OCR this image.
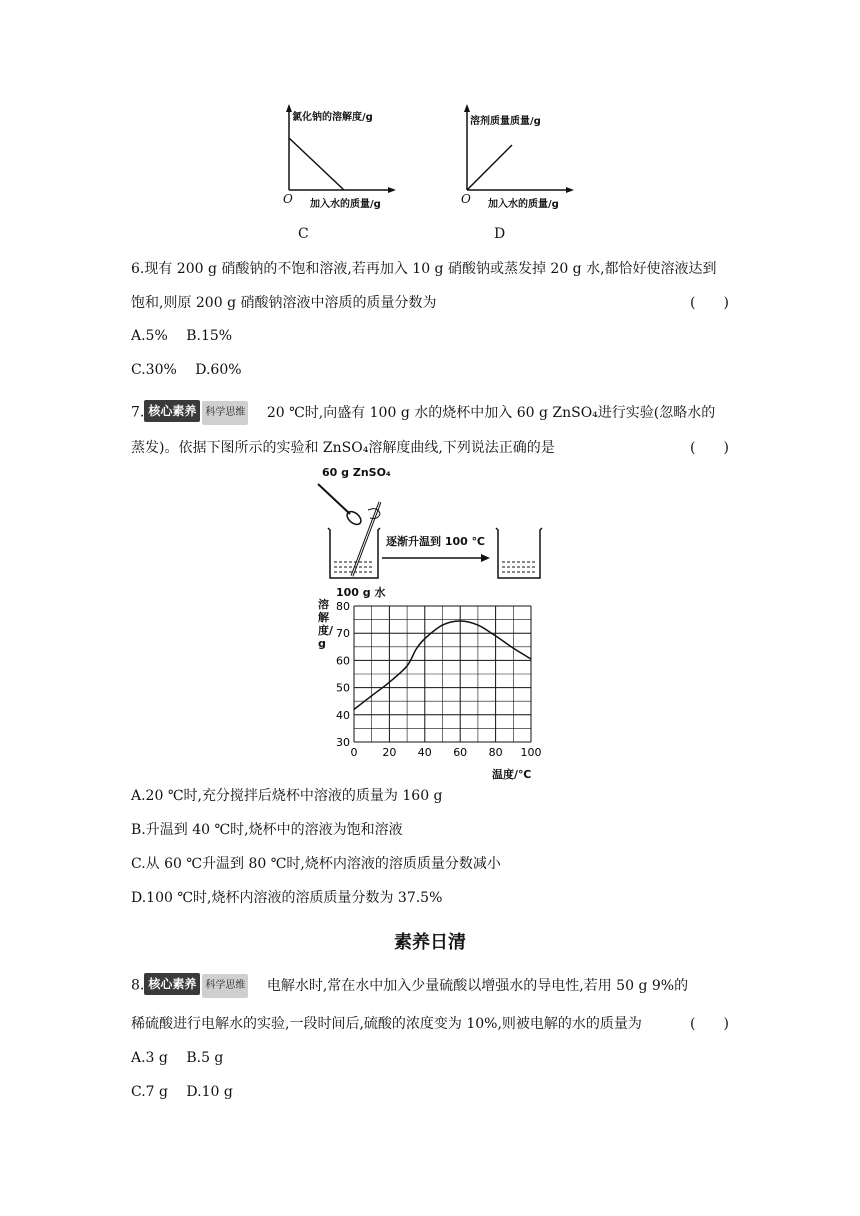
氯化钠的溶解度/g
加入水的质量/g
O
C
溶剂质量质量/g
加入水的质量/g
O
D
6.现有 200 g 硝酸钠的不饱和溶液,若再加入 10 g 硝酸钠或蒸发掉 20 g 水,都恰好使溶液达到
饱和,则原 200 g 硝酸钠溶液中溶质的质量分数为	(　　)
A.5%　 B.15%
C.30%　 D.60%
7. 核心素养 科学思维 20 ℃时,向盛有 100 g 水的烧杯中加入 60 g ZnSO₄进行实验(忽略水的
蒸发)。依据下图所示的实验和 ZnSO₄溶解度曲线,下列说法正确的是	(　　)
60 g ZnSO₄
逐渐升温到 100 ℃
100 g 水
30
40
50
60
70
80
0 20 40 60 80 100
溶解度/g
温度/℃
A.20 ℃时,充分搅拌后烧杯中溶液的质量为 160 g
B.升温到 40 ℃时,烧杯中的溶液为饱和溶液
C.从 60 ℃升温到 80 ℃时,烧杯内溶液的溶质质量分数减小
D.100 ℃时,烧杯内溶液的溶质质量分数为 37.5%
素养日清
8. 核心素养 科学思维 电解水时,常在水中加入少量硫酸以增强水的导电性,若用 50 g 9%的
稀硫酸进行电解水的实验,一段时间后,硫酸的浓度变为 10%,则被电解的水的质量为	(　　)
A.3 g　 B.5 g
C.7 g　 D.10 g
